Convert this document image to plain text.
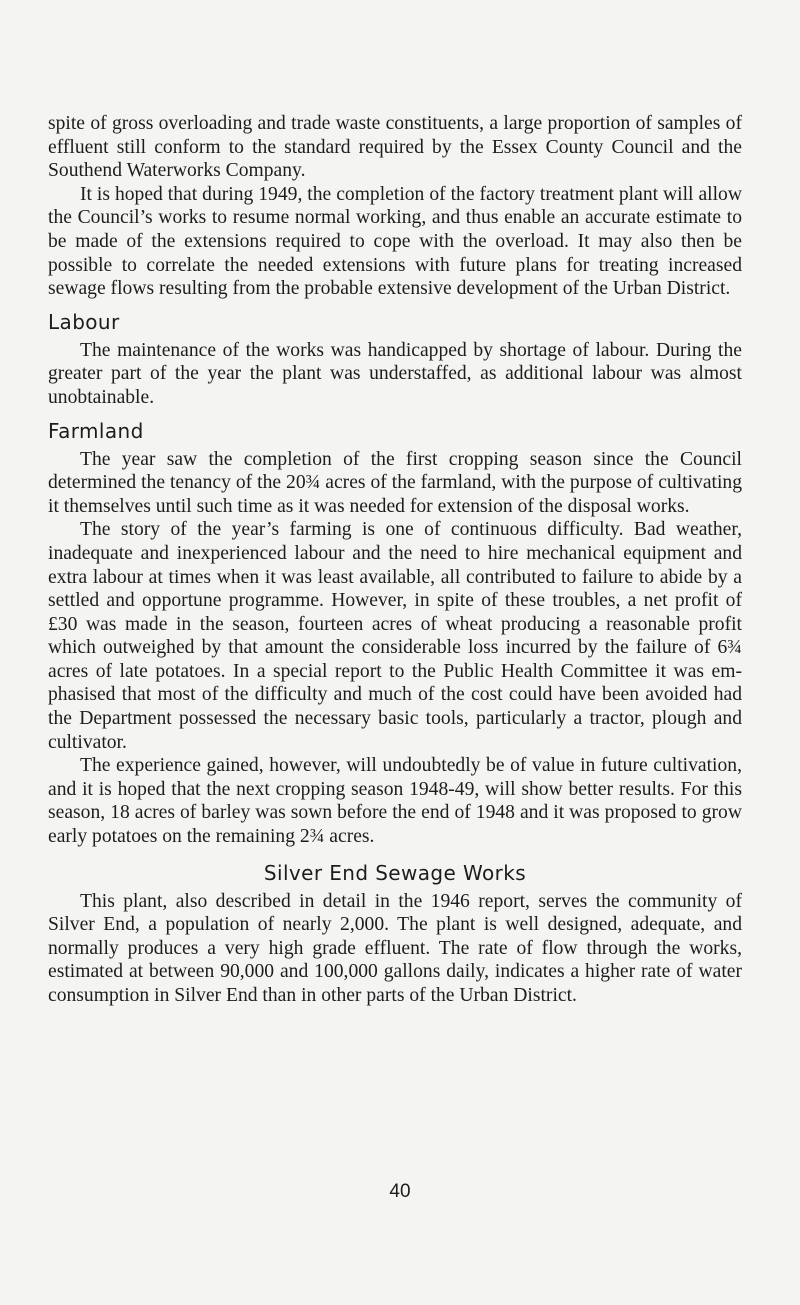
spite of gross overloading and trade waste constituents, a large proportion of samples of effluent still conform to the standard required by the Essex County Council and the Southend Waterworks Company.

It is hoped that during 1949, the completion of the factory treatment plant will allow the Council’s works to resume normal working, and thus enable an accurate estimate to be made of the extensions required to cope with the overload. It may also then be possible to correlate the needed extensions with future plans for treating increased sewage flows resulting from the probable extensive development of the Urban District.

Labour

The maintenance of the works was handicapped by shortage of labour. During the greater part of the year the plant was understaffed, as additional labour was almost unobtainable.

Farmland

The year saw the completion of the first cropping season since the Council determined the tenancy of the 20¾ acres of the farmland, with the purpose of cultivating it themselves until such time as it was needed for extension of the disposal works.

The story of the year’s farming is one of continuous difficulty. Bad weather, inadequate and inexperienced labour and the need to hire mechanical equipment and extra labour at times when it was least available, all contributed to failure to abide by a settled and opportune programme. However, in spite of these troubles, a net profit of £30 was made in the season, fourteen acres of wheat producing a reasonable profit which outweighed by that amount the considerable loss incurred by the failure of 6¾ acres of late potatoes. In a special report to the Public Health Committee it was emphasised that most of the difficulty and much of the cost could have been avoided had the Department possessed the necessary basic tools, particularly a tractor, plough and cultivator.

The experience gained, however, will undoubtedly be of value in future cultivation, and it is hoped that the next cropping season 1948-49, will show better results. For this season, 18 acres of barley was sown before the end of 1948 and it was proposed to grow early potatoes on the remaining 2¾ acres.

Silver End Sewage Works

This plant, also described in detail in the 1946 report, serves the community of Silver End, a population of nearly 2,000. The plant is well designed, adequate, and normally produces a very high grade effluent. The rate of flow through the works, estimated at between 90,000 and 100,000 gallons daily, indicates a higher rate of water consumption in Silver End than in other parts of the Urban District.

40
